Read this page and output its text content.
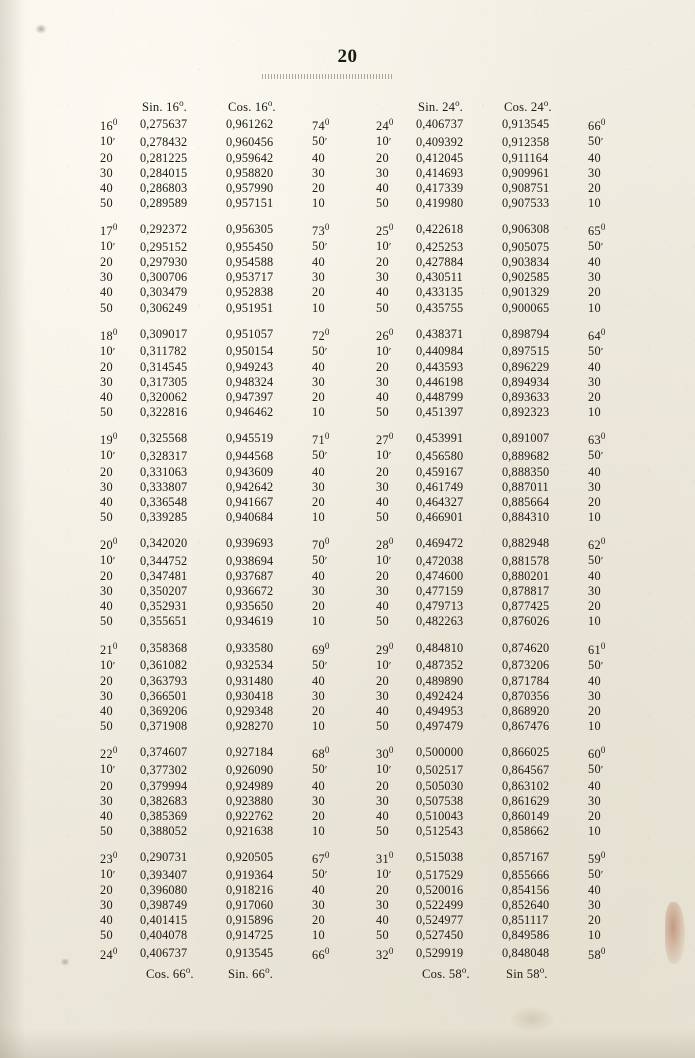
20
	Sin. 16$^o$.	Cos. 16$^o$.				Sin. 24$^o$.	Cos. 24$^o$.	
$16^0$	0,275637	0,961262	$74^0$		$24^0$	0,406737	0,913545	$66^0$
10′	0,278432	0,960456	50′		10′	0,409392	0,912358	50′
20	0,281225	0,959642	40		20	0,412045	0,911164	40
30	0,284015	0,958820	30		30	0,414693	0,909961	30
40	0,286803	0,957990	20		40	0,417339	0,908751	20
50	0,289589	0,957151	10		50	0,419980	0,907533	10

$17^0$	0,292372	0,956305	$73^0$		$25^0$	0,422618	0,906308	$65^0$
10′	0,295152	0,955450	50′		10′	0,425253	0,905075	50′
20	0,297930	0,954588	40		20	0,427884	0,903834	40
30	0,300706	0,953717	30		30	0,430511	0,902585	30
40	0,303479	0,952838	20		40	0,433135	0,901329	20
50	0,306249	0,951951	10		50	0,435755	0,900065	10

$18^0$	0,309017	0,951057	$72^0$		$26^0$	0,438371	0,898794	$64^0$
10′	0,311782	0,950154	50′		10′	0,440984	0,897515	50′
20	0,314545	0,949243	40		20	0,443593	0,896229	40
30	0,317305	0,948324	30		30	0,446198	0,894934	30
40	0,320062	0,947397	20		40	0,448799	0,893633	20
50	0,322816	0,946462	10		50	0,451397	0,892323	10

$19^0$	0,325568	0,945519	$71^0$		$27^0$	0,453991	0,891007	$63^0$
10′	0,328317	0,944568	50′		10′	0,456580	0,889682	50′
20	0,331063	0,943609	40		20	0,459167	0,888350	40
30	0,333807	0,942642	30		30	0,461749	0,887011	30
40	0,336548	0,941667	20		40	0,464327	0,885664	20
50	0,339285	0,940684	10		50	0,466901	0,884310	10

$20^0$	0,342020	0,939693	$70^0$		$28^0$	0,469472	0,882948	$62^0$
10′	0,344752	0,938694	50′		10′	0,472038	0,881578	50′
20	0,347481	0,937687	40		20	0,474600	0,880201	40
30	0,350207	0,936672	30		30	0,477159	0,878817	30
40	0,352931	0,935650	20		40	0,479713	0,877425	20
50	0,355651	0,934619	10		50	0,482263	0,876026	10

$21^0$	0,358368	0,933580	$69^0$		$29^0$	0,484810	0,874620	$61^0$
10′	0,361082	0,932534	50′		10′	0,487352	0,873206	50′
20	0,363793	0,931480	40		20	0,489890	0,871784	40
30	0,366501	0,930418	30		30	0,492424	0,870356	30
40	0,369206	0,929348	20		40	0,494953	0,868920	20
50	0,371908	0,928270	10		50	0,497479	0,867476	10

$22^0$	0,374607	0,927184	$68^0$		$30^0$	0,500000	0,866025	$60^0$
10′	0,377302	0,926090	50′		10′	0,502517	0,864567	50′
20	0,379994	0,924989	40		20	0,505030	0,863102	40
30	0,382683	0,923880	30		30	0,507538	0,861629	30
40	0,385369	0,922762	20		40	0,510043	0,860149	20
50	0,388052	0,921638	10		50	0,512543	0,858662	10

$23^0$	0,290731	0,920505	$67^0$		$31^0$	0,515038	0,857167	$59^0$
10′	0,393407	0,919364	50′		10′	0,517529	0,855666	50′
20	0,396080	0,918216	40		20	0,520016	0,854156	40
30	0,398749	0,917060	30		30	0,522499	0,852640	30
40	0,401415	0,915896	20		40	0,524977	0,851117	20
50	0,404078	0,914725	10		50	0,527450	0,849586	10
$24^0$	0,406737	0,913545	$66^0$		$32^0$	0,529919	0,848048	$58^0$
	Cos. 66$^o$.	Sin. 66$^o$.				Cos. 58$^o$.	Sin 58$^o$.	
